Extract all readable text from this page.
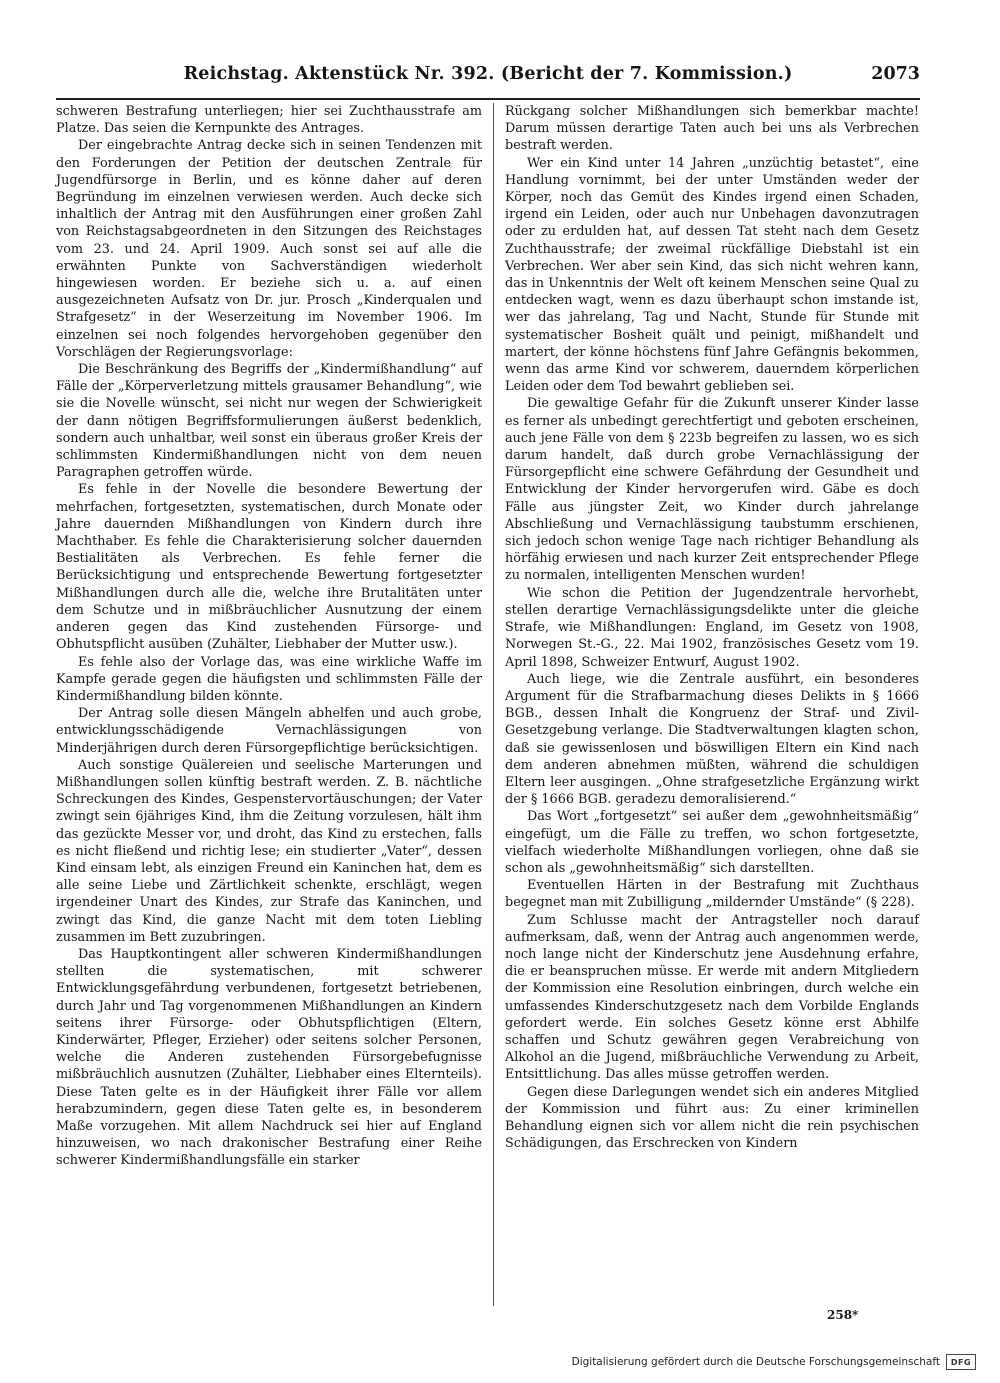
Reichstag. Aktenstück Nr. 392. (Bericht der 7. Kommission.)	2073

schweren Bestrafung unterliegen; hier sei Zuchthausstrafe am Platze. Das seien die Kernpunkte des Antrages.

Der eingebrachte Antrag decke sich in seinen Tendenzen mit den Forderungen der Petition der deutschen Zentrale für Jugendfürsorge in Berlin, und es könne daher auf deren Begründung im einzelnen verwiesen werden. Auch decke sich inhaltlich der Antrag mit den Ausführungen einer großen Zahl von Reichstagsabgeordneten in den Sitzungen des Reichstages vom 23. und 24. April 1909. Auch sonst sei auf alle die erwähnten Punkte von Sachverständigen wiederholt hingewiesen worden. Er beziehe sich u. a. auf einen ausgezeichneten Aufsatz von Dr. jur. Prosch „Kinderqualen und Strafgesetz“ in der Weserzeitung im November 1906. Im einzelnen sei noch folgendes hervorgehoben gegenüber den Vorschlägen der Regierungsvorlage:

Die Beschränkung des Begriffs der „Kindermißhandlung“ auf Fälle der „Körperverletzung mittels grausamer Behandlung“, wie sie die Novelle wünscht, sei nicht nur wegen der Schwierigkeit der dann nötigen Begriffsformulierungen äußerst bedenklich, sondern auch unhaltbar, weil sonst ein überaus großer Kreis der schlimmsten Kindermißhandlungen nicht von dem neuen Paragraphen getroffen würde.

Es fehle in der Novelle die besondere Bewertung der mehrfachen, fortgesetzten, systematischen, durch Monate oder Jahre dauernden Mißhandlungen von Kindern durch ihre Machthaber. Es fehle die Charakterisierung solcher dauernden Bestialitäten als Verbrechen. Es fehle ferner die Berücksichtigung und entsprechende Bewertung fortgesetzter Mißhandlungen durch alle die, welche ihre Brutalitäten unter dem Schutze und in mißbräuchlicher Ausnutzung der einem anderen gegen das Kind zustehenden Fürsorge- und Obhutspflicht ausüben (Zuhälter, Liebhaber der Mutter usw.).

Es fehle also der Vorlage das, was eine wirkliche Waffe im Kampfe gerade gegen die häufigsten und schlimmsten Fälle der Kindermißhandlung bilden könnte.

Der Antrag solle diesen Mängeln abhelfen und auch grobe, entwicklungsschädigende Vernachlässigungen von Minderjährigen durch deren Fürsorgepflichtige berücksichtigen.

Auch sonstige Quälereien und seelische Marterungen und Mißhandlungen sollen künftig bestraft werden. Z. B. nächtliche Schreckungen des Kindes, Gespenstervortäuschungen; der Vater zwingt sein 6jähriges Kind, ihm die Zeitung vorzulesen, hält ihm das gezückte Messer vor, und droht, das Kind zu erstechen, falls es nicht fließend und richtig lese; ein studierter „Vater“, dessen Kind einsam lebt, als einzigen Freund ein Kaninchen hat, dem es alle seine Liebe und Zärtlichkeit schenkte, erschlägt, wegen irgendeiner Unart des Kindes, zur Strafe das Kaninchen, und zwingt das Kind, die ganze Nacht mit dem toten Liebling zusammen im Bett zuzubringen.

Das Hauptkontingent aller schweren Kindermißhandlungen stellten die systematischen, mit schwerer Entwicklungsgefährdung verbundenen, fortgesetzt betriebenen, durch Jahr und Tag vorgenommenen Mißhandlungen an Kindern seitens ihrer Fürsorge- oder Obhutspflichtigen (Eltern, Kinderwärter, Pfleger, Erzieher) oder seitens solcher Personen, welche die Anderen zustehenden Fürsorgebefugnisse mißbräuchlich ausnutzen (Zuhälter, Liebhaber eines Elternteils). Diese Taten gelte es in der Häufigkeit ihrer Fälle vor allem herabzumindern, gegen diese Taten gelte es, in besonderem Maße vorzugehen. Mit allem Nachdruck sei hier auf England hinzuweisen, wo nach drakonischer Bestrafung einer Reihe schwerer Kindermißhandlungsfälle ein starker

Rückgang solcher Mißhandlungen sich bemerkbar machte! Darum müssen derartige Taten auch bei uns als Verbrechen bestraft werden.

Wer ein Kind unter 14 Jahren „unzüchtig betastet“, eine Handlung vornimmt, bei der unter Umständen weder der Körper, noch das Gemüt des Kindes irgend einen Schaden, irgend ein Leiden, oder auch nur Unbehagen davonzutragen oder zu erdulden hat, auf dessen Tat steht nach dem Gesetz Zuchthausstrafe; der zweimal rückfällige Diebstahl ist ein Verbrechen. Wer aber sein Kind, das sich nicht wehren kann, das in Unkenntnis der Welt oft keinem Menschen seine Qual zu entdecken wagt, wenn es dazu überhaupt schon imstande ist, wer das jahrelang, Tag und Nacht, Stunde für Stunde mit systematischer Bosheit quält und peinigt, mißhandelt und martert, der könne höchstens fünf Jahre Gefängnis bekommen, wenn das arme Kind vor schwerem, dauerndem körperlichen Leiden oder dem Tod bewahrt geblieben sei.

Die gewaltige Gefahr für die Zukunft unserer Kinder lasse es ferner als unbedingt gerechtfertigt und geboten erscheinen, auch jene Fälle von dem § 223b begreifen zu lassen, wo es sich darum handelt, daß durch grobe Vernachlässigung der Fürsorgepflicht eine schwere Gefährdung der Gesundheit und Entwicklung der Kinder hervorgerufen wird. Gäbe es doch Fälle aus jüngster Zeit, wo Kinder durch jahrelange Abschließung und Vernachlässigung taubstumm erschienen, sich jedoch schon wenige Tage nach richtiger Behandlung als hörfähig erwiesen und nach kurzer Zeit entsprechender Pflege zu normalen, intelligenten Menschen wurden!

Wie schon die Petition der Jugendzentrale hervorhebt, stellen derartige Vernachlässigungsdelikte unter die gleiche Strafe, wie Mißhandlungen: England, im Gesetz von 1908, Norwegen St.-G., 22. Mai 1902, französisches Gesetz vom 19. April 1898, Schweizer Entwurf, August 1902.

Auch liege, wie die Zentrale ausführt, ein besonderes Argument für die Strafbarmachung dieses Delikts in § 1666 BGB., dessen Inhalt die Kongruenz der Straf- und Zivil-Gesetzgebung verlange. Die Stadtverwaltungen klagten schon, daß sie gewissenlosen und böswilligen Eltern ein Kind nach dem anderen abnehmen müßten, während die schuldigen Eltern leer ausgingen. „Ohne strafgesetzliche Ergänzung wirkt der § 1666 BGB. geradezu demoralisierend.“

Das Wort „fortgesetzt“ sei außer dem „gewohnheitsmäßig“ eingefügt, um die Fälle zu treffen, wo schon fortgesetzte, vielfach wiederholte Mißhandlungen vorliegen, ohne daß sie schon als „gewohnheitsmäßig“ sich darstellten.

Eventuellen Härten in der Bestrafung mit Zuchthaus begegnet man mit Zubilligung „mildernder Umstände“ (§ 228).

Zum Schlusse macht der Antragsteller noch darauf aufmerksam, daß, wenn der Antrag auch angenommen werde, noch lange nicht der Kinderschutz jene Ausdehnung erfahre, die er beanspruchen müsse. Er werde mit andern Mitgliedern der Kommission eine Resolution einbringen, durch welche ein umfassendes Kinderschutzgesetz nach dem Vorbilde Englands gefordert werde. Ein solches Gesetz könne erst Abhilfe schaffen und Schutz gewähren gegen Verabreichung von Alkohol an die Jugend, mißbräuchliche Verwendung zu Arbeit, Entsittlichung. Das alles müsse getroffen werden.

Gegen diese Darlegungen wendet sich ein anderes Mitglied der Kommission und führt aus: Zu einer kriminellen Behandlung eignen sich vor allem nicht die rein psychischen Schädigungen, das Erschrecken von Kindern

258*
Digitalisierung gefördert durch die Deutsche Forschungsgemeinschaft	DFG
